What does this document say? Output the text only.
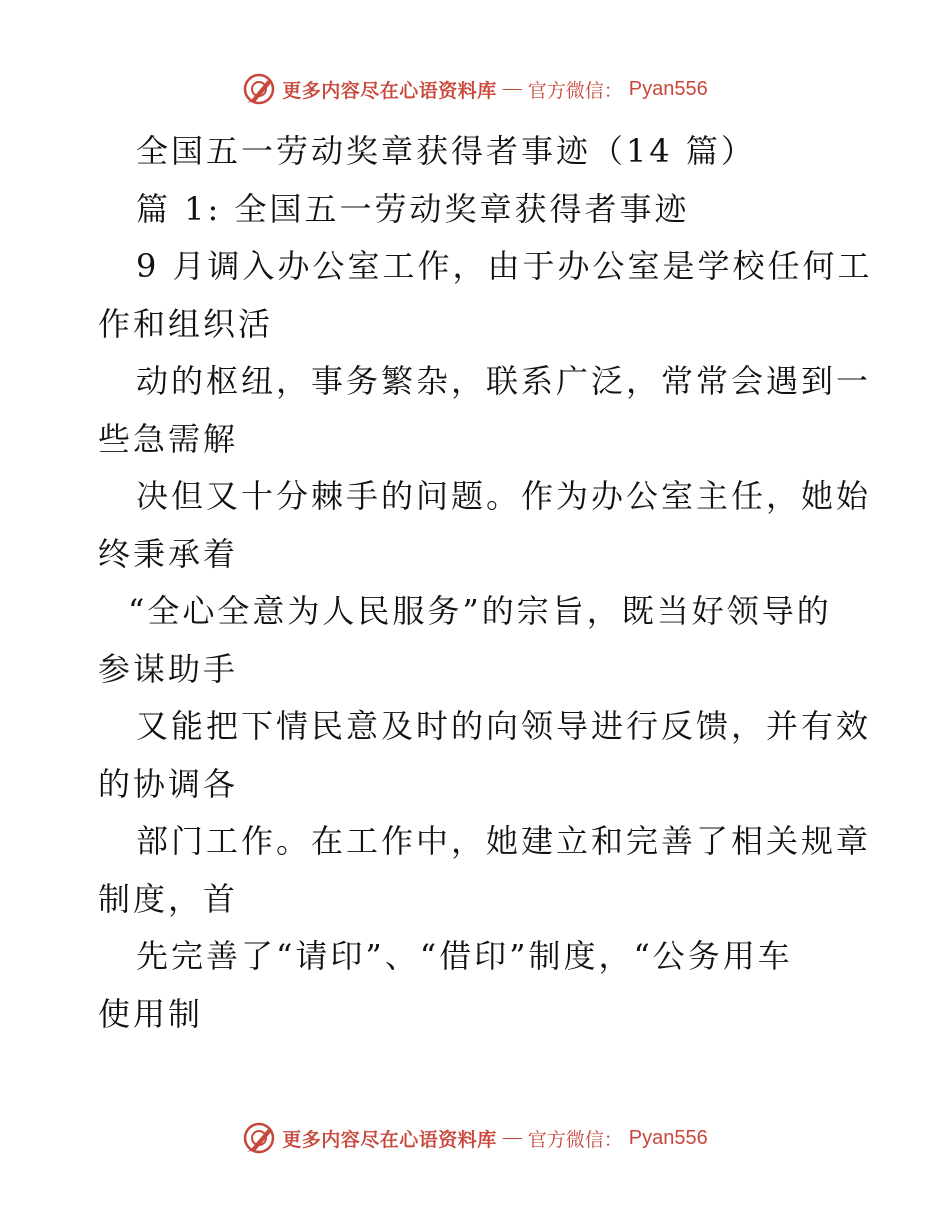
更多内容尽在心语资料库 — 官方微信： Pyan556
全国五一劳动奖章获得者事迹（14 篇）
篇 1: 全国五一劳动奖章获得者事迹
9 月调入办公室工作，由于办公室是学校任何工
作和组织活
动的枢纽，事务繁杂，联系广泛，常常会遇到一
些急需解
决但又十分棘手的问题。作为办公室主任，她始
终秉承着
“全心全意为人民服务”的宗旨，既当好领导的
参谋助手
又能把下情民意及时的向领导进行反馈，并有效
的协调各
部门工作。在工作中，她建立和完善了相关规章
制度，首
先完善了“请印”、“借印”制度，“公务用车
使用制
更多内容尽在心语资料库 — 官方微信： Pyan556
